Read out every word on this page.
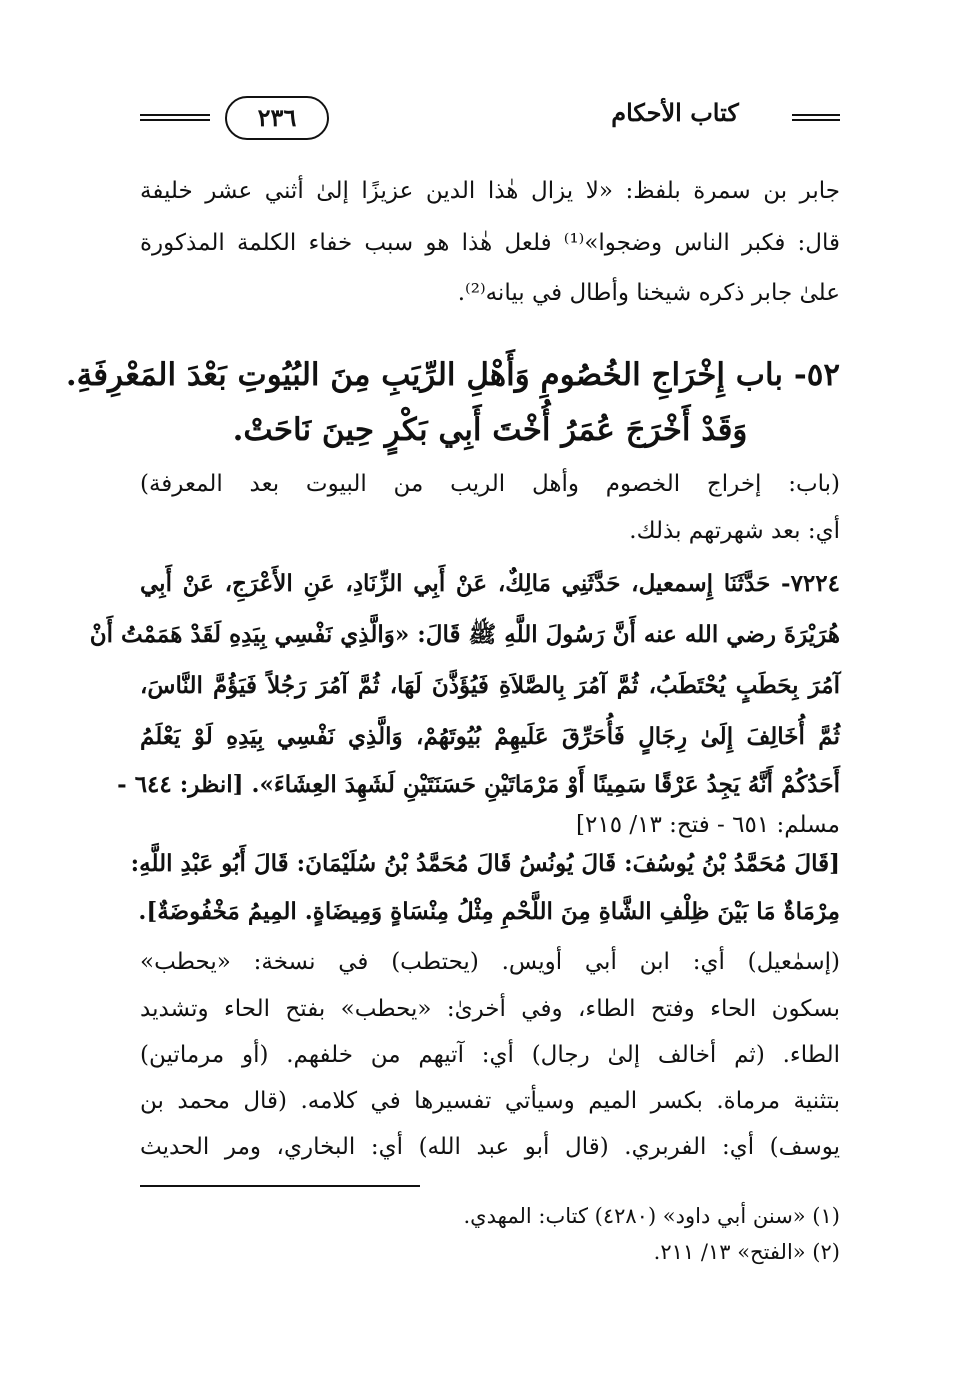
كتاب الأحكام
٢٣٦
جابر بن سمرة بلفظ: «لا يزال هٰذا الدين عزيزًا إلىٰ أثني عشر خليفة
قال: فكبر الناس وضجوا»⁽¹⁾ فلعل هٰذا هو سبب خفاء الكلمة المذكورة
علىٰ جابر ذكره شيخنا وأطال في بيانه⁽²⁾.
٥٢- باب إِخْرَاجِ الخُصُومِ وَأَهْلِ الرِّيَبِ مِنَ البُيُوتِ بَعْدَ المَعْرِفَةِ.
وَقَدْ أَخْرَجَ عُمَرُ أُخْتَ أَبِي بَكْرٍ حِينَ نَاحَتْ.
(باب: إخراج الخصوم وأهل الريب من البيوت بعد المعرفة)
أي: بعد شهرتهم بذلك.
٧٢٢٤- حَدَّثَنَا إِسمعيل، حَدَّثَنِي مَالِكٌ، عَنْ أَبِي الزِّنَادِ، عَنِ الأَعْرَجِ، عَنْ أَبِي
هُرَيْرَةَ رضي الله عنه أَنَّ رَسُولَ اللَّهِ ﷺ قَالَ: «وَالَّذِي نَفْسِي بِيَدِهِ لَقَدْ هَمَمْتُ أَنْ
آمُرَ بِحَطَبٍ يُحْتَطَبُ، ثُمَّ آمُرَ بِالصَّلاَةِ فَيُؤَذَّنَ لَهَا، ثُمَّ آمُرَ رَجُلاً فَيَؤُمَّ النَّاسَ،
ثُمَّ أُخَالِفَ إِلَىٰ رِجَالٍ فَأُحَرِّقَ عَلَيهِمْ بُيُوتَهُمْ، وَالَّذِي نَفْسِي بِيَدِهِ لَوْ يَعْلَمُ
أَحَدُكُمْ أَنَّهُ يَجِدُ عَرْقًا سَمِينًا أَوْ مَرْمَاتَيْنِ حَسَنَتَيْنِ لَشَهِدَ العِشَاءَ». [انظر: ٦٤٤ -
مسلم: ٦٥١ - فتح: ١٣/ ٢١٥]
[قَالَ مُحَمَّدُ بْنُ يُوسُفَ: قَالَ يُونُسُ قَالَ مُحَمَّدُ بْنُ سُلَيْمَانَ: قَالَ أَبُو عَبْدِ اللَّهِ:
مِرْمَاةٌ مَا بَيْنَ ظِلْفِ الشَّاةِ مِنَ اللَّحْمِ مِثْلُ مِنْسَاةٍ وَمِيضَاةٍ. المِيمُ مَخْفُوضَةٌ].
(إسمٰعيل) أي: ابن أبي أويس. (يحتطب) في نسخة: «يحطب»
بسكون الحاء وفتح الطاء، وفي أخرىٰ: «يحطب» بفتح الحاء وتشديد
الطاء. (ثم أخالف إلىٰ رجال) أي: آتيهم من خلفهم. (أو مرماتين)
بتثنية مرماة. بكسر الميم وسيأتي تفسيرها في كلامه. (قال محمد بن
يوسف) أي: الفربري. (قال أبو عبد الله) أي: البخاري، ومر الحديث
(١) «سنن أبي داود» (٤٢٨٠) كتاب: المهدي.
(٢) «الفتح» ١٣/ ٢١١.
